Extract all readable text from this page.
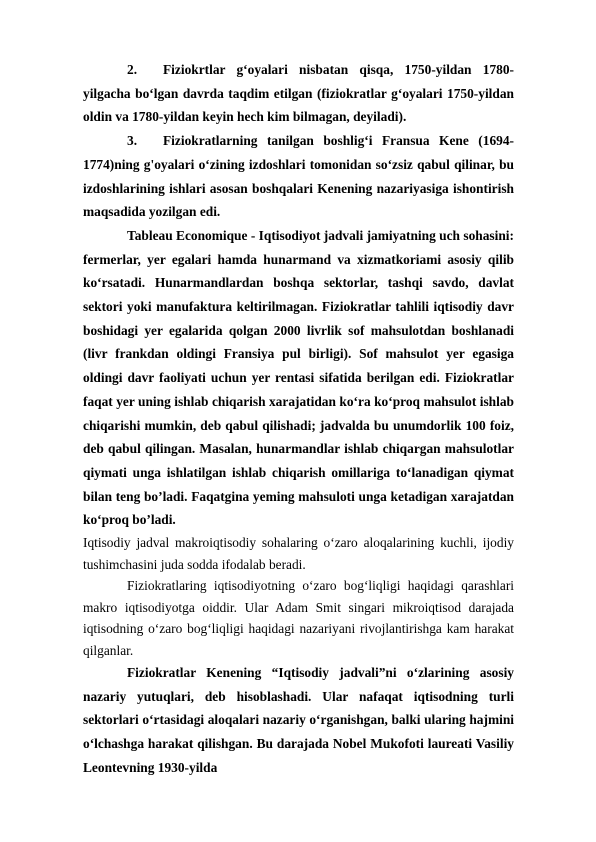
2. Fiziokrtlar g‘oyalari nisbatan qisqa, 1750-yildan 1780-yilgacha bo‘lgan davrda taqdim etilgan (fiziokratlar g‘oyalari 1750-yildan oldin va 1780-yildan keyin hech kim bilmagan, deyiladi).

3. Fiziokratlarning tanilgan boshlig‘i Fransua Kene (1694-1774)ning g'oyalari o‘zining izdoshlari tomonidan so‘zsiz qabul qilinar, bu izdoshlarining ishlari asosan boshqalari Kenening nazariyasiga ishontirish maqsadida yozilgan edi.

Tableau Economique - Iqtisodiyot jadvali jamiyatning uch sohasini: fermerlar, yer egalari hamda hunarmand va xizmatkoriami asosiy qilib ko‘rsatadi. Hunarmandlardan boshqa sektorlar, tashqi savdo, davlat sektori yoki manufaktura keltirilmagan. Fiziokratlar tahlili iqtisodiy davr boshidagi yer egalarida qolgan 2000 livrlik sof mahsulotdan boshlanadi (livr frankdan oldingi Fransiya pul birligi). Sof mahsulot yer egasiga oldingi davr faoliyati uchun yer rentasi sifatida berilgan edi. Fiziokratlar faqat yer uning ishlab chiqarish xarajatidan ko‘ra ko‘proq mahsulot ishlab chiqarishi mumkin, deb qabul qilishadi; jadvalda bu unumdorlik 100 foiz, deb qabul qilingan. Masalan, hunarmandlar ishlab chiqargan mahsulotlar qiymati unga ishlatilgan ishlab chiqarish omillariga to‘lanadigan qiymat bilan teng bo’ladi. Faqatgina yeming mahsuloti unga ketadigan xarajatdan ko‘proq bo’ladi.

Iqtisodiy jadval makroiqtisodiy sohalaring o‘zaro aloqalarining kuchli, ijodiy tushimchasini juda sodda ifodalab beradi.

Fiziokratlaring iqtisodiyotning o‘zaro bog‘liqligi haqidagi qarashlari makro iqtisodiyotga oiddir. Ular Adam Smit singari mikroiqtisod darajada iqtisodning o‘zaro bog‘liqligi haqidagi nazariyani rivojlantirishga kam harakat qilganlar.

Fiziokratlar Kenening “Iqtisodiy jadvali”ni o‘zlarining asosiy nazariy yutuqlari, deb hisoblashadi. Ular nafaqat iqtisodning turli sektorlari o‘rtasidagi aloqalari nazariy o‘rganishgan, balki ularing hajmini o‘lchashga harakat qilishgan. Bu darajada Nobel Mukofoti laureati Vasiliy Leontevning 1930-yilda
